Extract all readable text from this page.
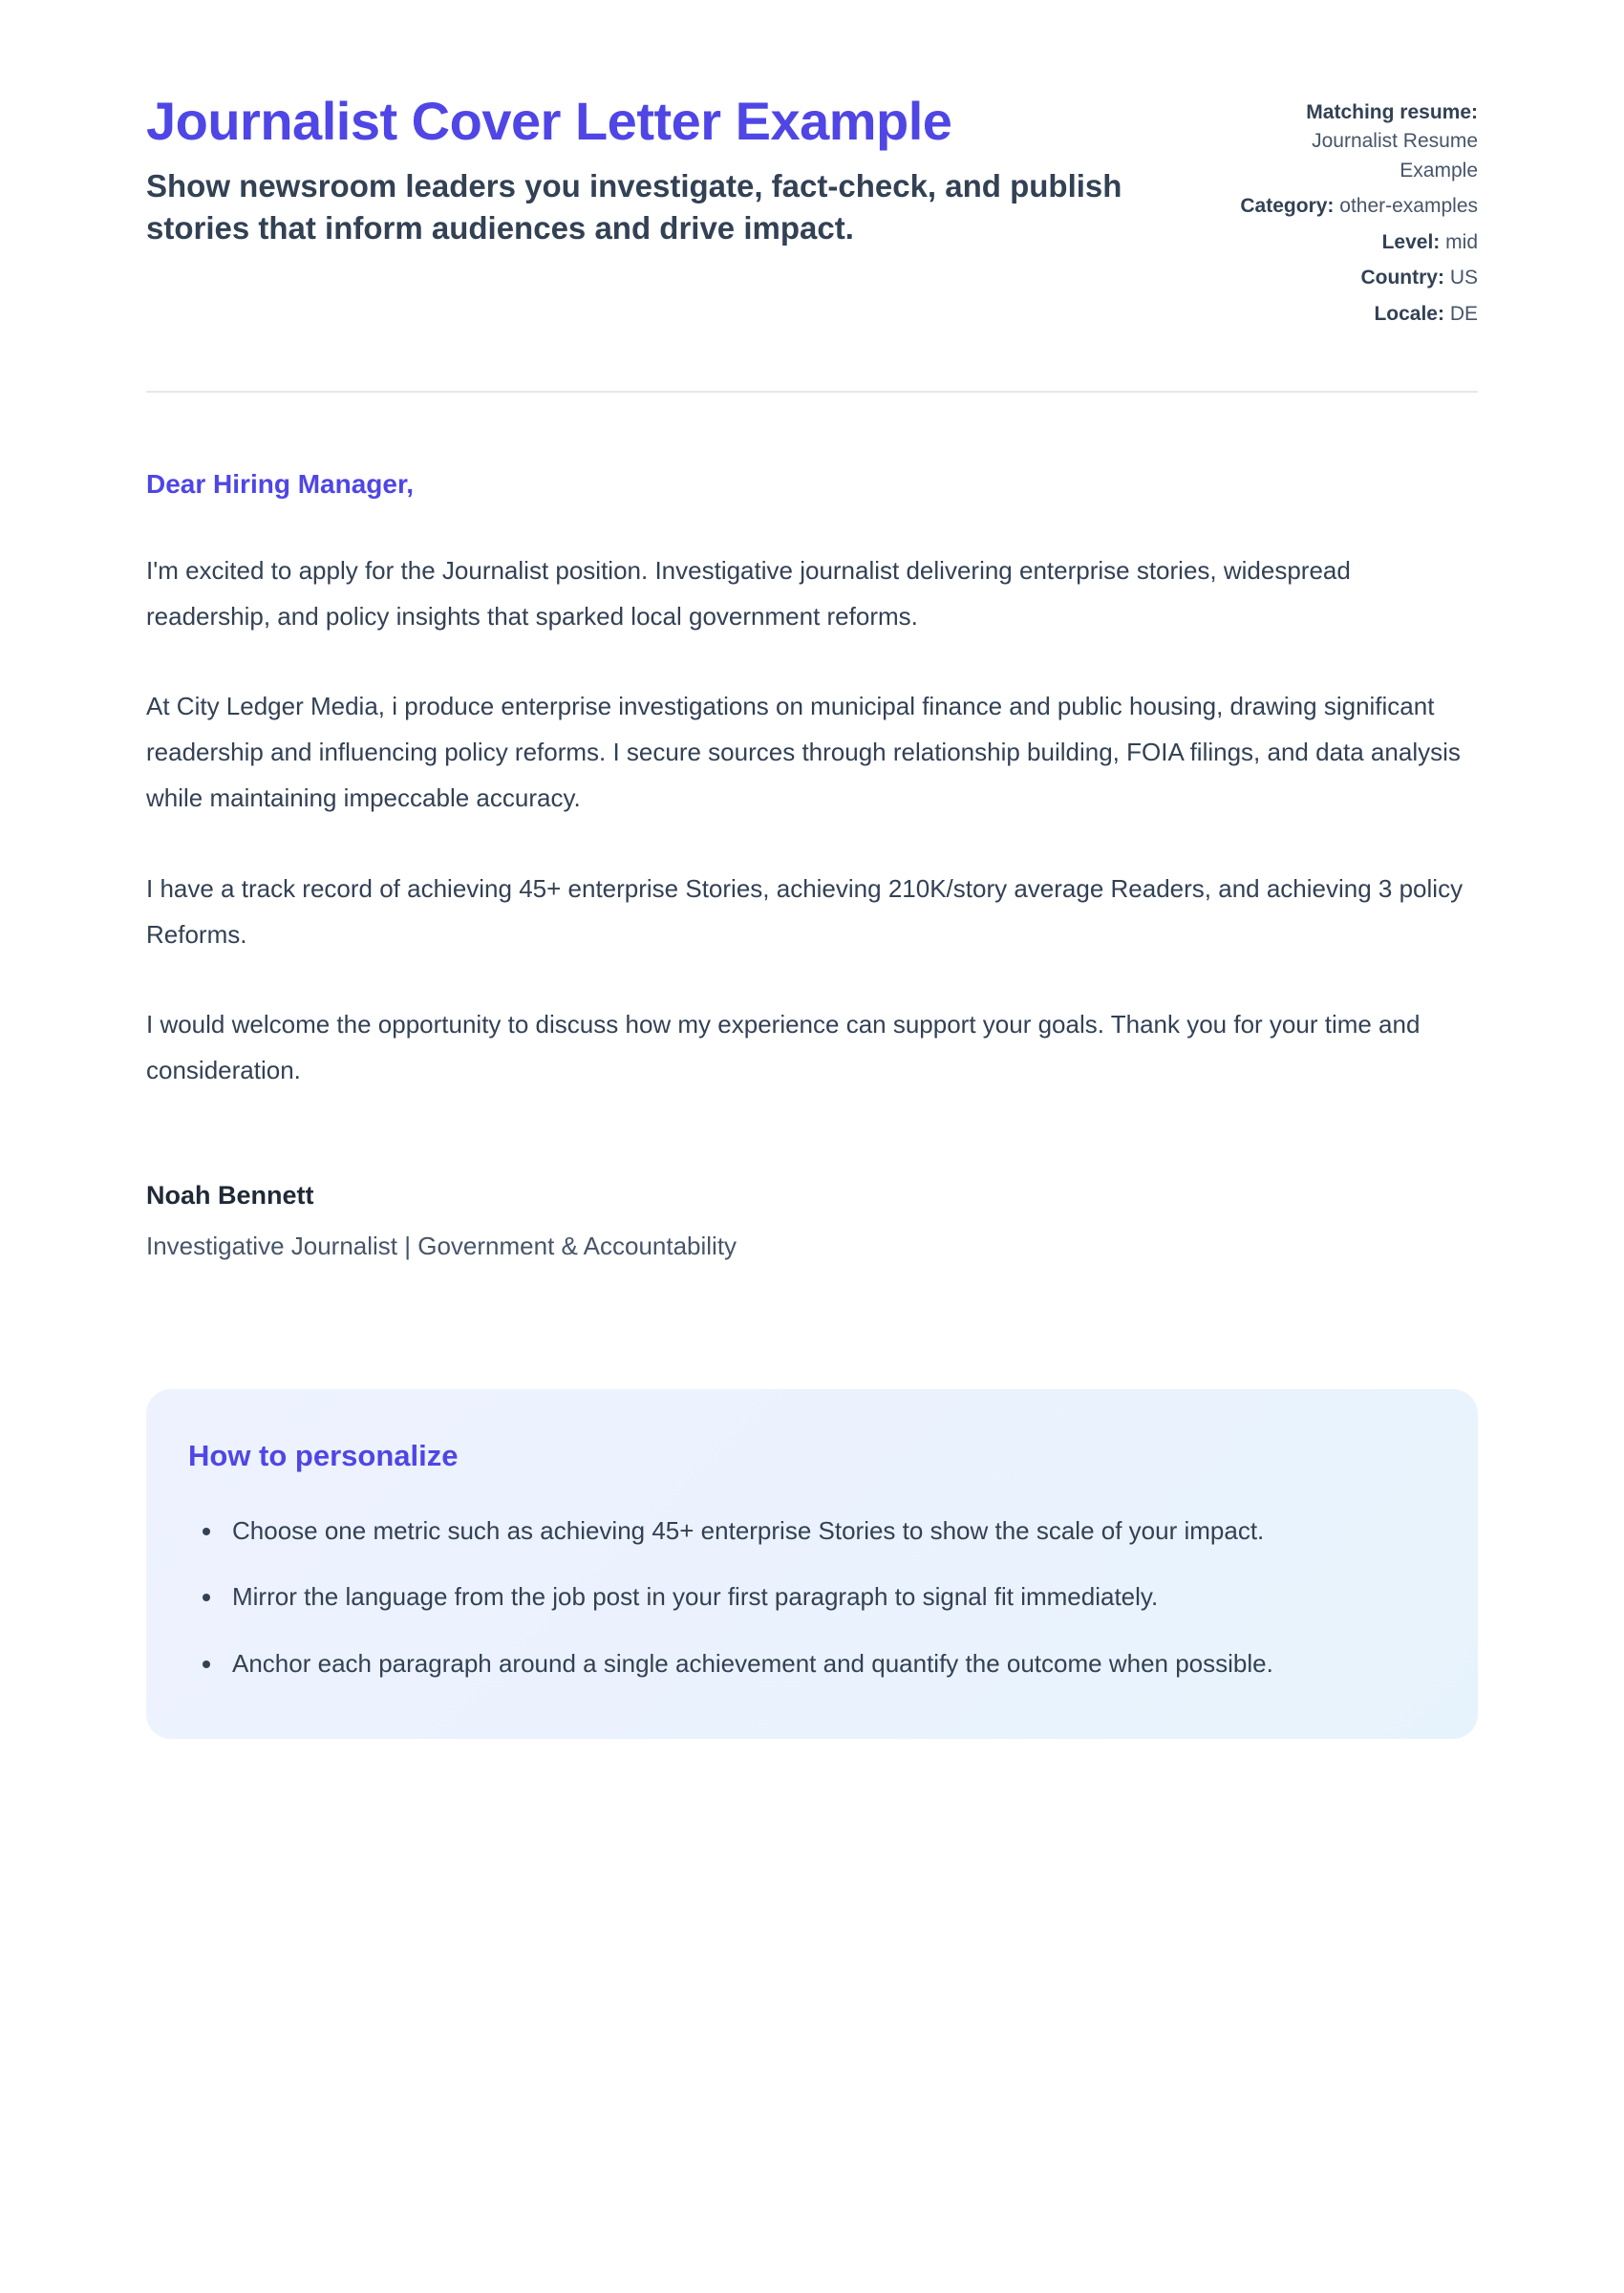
Journalist Cover Letter Example
Show newsroom leaders you investigate, fact-check, and publish stories that inform audiences and drive impact.
Matching resume: Journalist Resume Example
Category: other-examples
Level: mid
Country: US
Locale: DE

Dear Hiring Manager,

I'm excited to apply for the Journalist position. Investigative journalist delivering enterprise stories, widespread readership, and policy insights that sparked local government reforms.

At City Ledger Media, i produce enterprise investigations on municipal finance and public housing, drawing significant readership and influencing policy reforms. I secure sources through relationship building, FOIA filings, and data analysis while maintaining impeccable accuracy.

I have a track record of achieving 45+ enterprise Stories, achieving 210K/story average Readers, and achieving 3 policy Reforms.

I would welcome the opportunity to discuss how my experience can support your goals. Thank you for your time and consideration.

Noah Bennett

Investigative Journalist | Government & Accountability

How to personalize
• Choose one metric such as achieving 45+ enterprise Stories to show the scale of your impact.
• Mirror the language from the job post in your first paragraph to signal fit immediately.
• Anchor each paragraph around a single achievement and quantify the outcome when possible.
